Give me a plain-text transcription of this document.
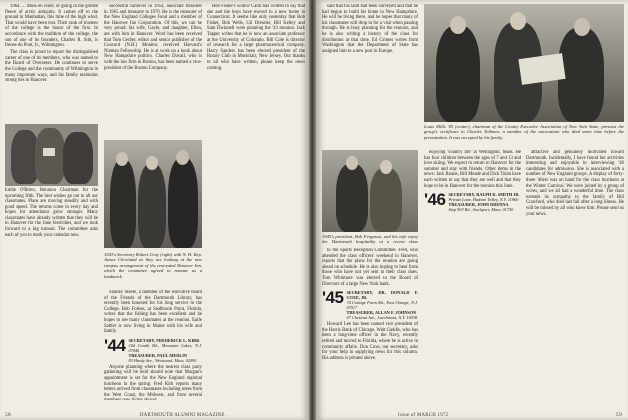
1964. ... Muss en route, or going in the golden fleece of arctic antiquity. It comes off to the ground in Manhattan, this time of the high wind. That would have been lost. Their rank of trustees of the college is the honor of the first. In accordance with the tradition of the college, the son of one of its founders, Charles R. Stitt, is Irenee du Pont, Jr., Wilmington.

The class is proud to report the distinguished career of one of its members, who was named to the Board of Overseers. He continues to serve the College and the community of Wilmington in many important ways, and his family maintains strong ties to Hanover.

Eddie O'Brien, Reunion Chairman for the upcoming 30th. The best wishes go out to all our classmates. Plans are moving steadily and with good speed. The returns come in every day and hopes for attendance grow stronger. Many classmates have already written that they will be in Hanover for the June festivities, and we look forward to a big turnout. The committee asks each of you to mark your calendar now.

successful turnover in 1954, associate treasurer in 1965 and treasurer in 1970. He is the treasurer of the New England Colleges Fund and a member of the Hanover Inn Corporation. Of this, we can be very proud; his wife, Gayle, and daughter, Ellen, are with him in Hanover. Word has been received that Tom Gerber, editor and senior publisher of the Concord (N.H.) Monitor, received Harvard's Nieman Fellowship. He is at work on a book about New Hampshire politics. Charles Duvall, who is with the law firm in Boston, has been named a vice-president of the Boston Company.

1943's Secretary Robert Gray (right) with N. H. Rep. James Cleveland as they are looking at the new campus arrangement of the renovated Hanover Inn, which the committee agreed to rename as a landmark.

Stanley Steele, a member of the executive board of the Friends of the Dartmouth Library, has recently been honored for his long service to the College. Bob Forbes, at Sealbrook Point, Florida, writes that the fishing has been excellent and he hopes to see many classmates at the reunion. Earle Sattler is now living in Maine with his wife and family.

'44 SECRETARY, FREDERICK L. KIRK
Old Condit Rd., Mountain Lakes, N.J. 07046
TREASURER, PAUL MEDLIN
83 Hardy Ave., Westwood, Mass. 02090

Anyone planning where the nearest class party gathering will be held should note that Morgan's appointment is set for the New England regional luncheon in the spring. Fred Kirk reports many letters arrived from classmates including notes from the West Coast, the Midwest, and from several

Bob Fisher's widow Carol has written to say that she and the boys have moved to a new home in Connecticut. It seems like only yesterday that Bob Fisher, Bob Wells, Gil Dressler, Bill Kelley and Sam Dwinnell were planning the '43 reunion. Jack Tapper writes that he is now an associate professor at the University of Colorado. Bill Cole is director of research for a large pharmaceutical company. Harry Sanders has been elected president of the Rotary Club in Montclair, New Jersey. Our thanks to all who have written; please keep the news coming.

58	DARTMOUTH ALUMNI MAGAZINE

said that his land had been surveyed and that he had begun to build his home in New Hampshire. He will be living there, and he hopes that many of his classmates will drop in for a visit when passing through. He is busy planning for the reunion, and he is also writing a history of the class for distribution at that time. Ed Grimes writes from Washington that the Department of State has assigned him to a new post in Europe.

1945's president, Bob Ferguson, and his wife enjoy the Dartmouth hospitality at a recent class

to the Sports Reception Committee. Fred, who attended the class officers' weekend in Hanover, reports that the plans for the reunion are going ahead on schedule. He is also hoping to hear from those who have not yet sent in their class dues. Tom Whitmore was elected to the Board of Directors of a large New York bank.

'45 SECRETARY, DR. DONALD F. COXE, JR.
74 Cottage Farm Rd., East Orange, N.J. 07017
TREASURER, ALLAN F. JOHNSON
47 Chestnut Ave., Larchmont, N.Y. 10538

Howard Lee has been named vice president of the Harris Bank of Chicago. Walt Gaddis, who has been a long-time officer in the Navy, recently retired and moved to Florida, where he is active in community affairs. Don Coxe, our secretary, asks for your help in supplying news for this column. His address is printed above.

Louis Mills '45 (center), chairman of the County Executive Association of New York State, presents the group's certificate to Charles Tollman, a member of the association who died some time before the presentation. It was accepted by his family.

enjoying 'country life' in Wellington, Mass. He has four children between the ages of 7 and 13 and love skiing. We expect to return to Hanover for the summer and stay with friends. Other items in the news: Jack Roane, Bill Meade and Dick Tolan have each written to say that they are well and that they hope to be in Hanover for the reunion this June.

'46 SECRETARY, RALPH K. SMITH JR.
Private Lane, Hudson Valley, N.Y. 11960
TREASURER, JOHN DRENNA
Stop 903 Rd., Stockport, Mass. 01750

attractive and genuinely motivated toward Dartmouth. Incidentally, I have found her activities interesting and enjoyable in interviewing '46 candidates for admission. She is associated with a number of New England groups. A display of forty-three '46ers was on hand for the class luncheon at the Winter Carnival. We were joined by a group of wives, and we all had a wonderful time. The class extends its sympathy to the family of Bill Crawford, who died last fall after a long illness. He will be missed by all who knew him. Please send us your news.

Issue of MARCH 1972	59
